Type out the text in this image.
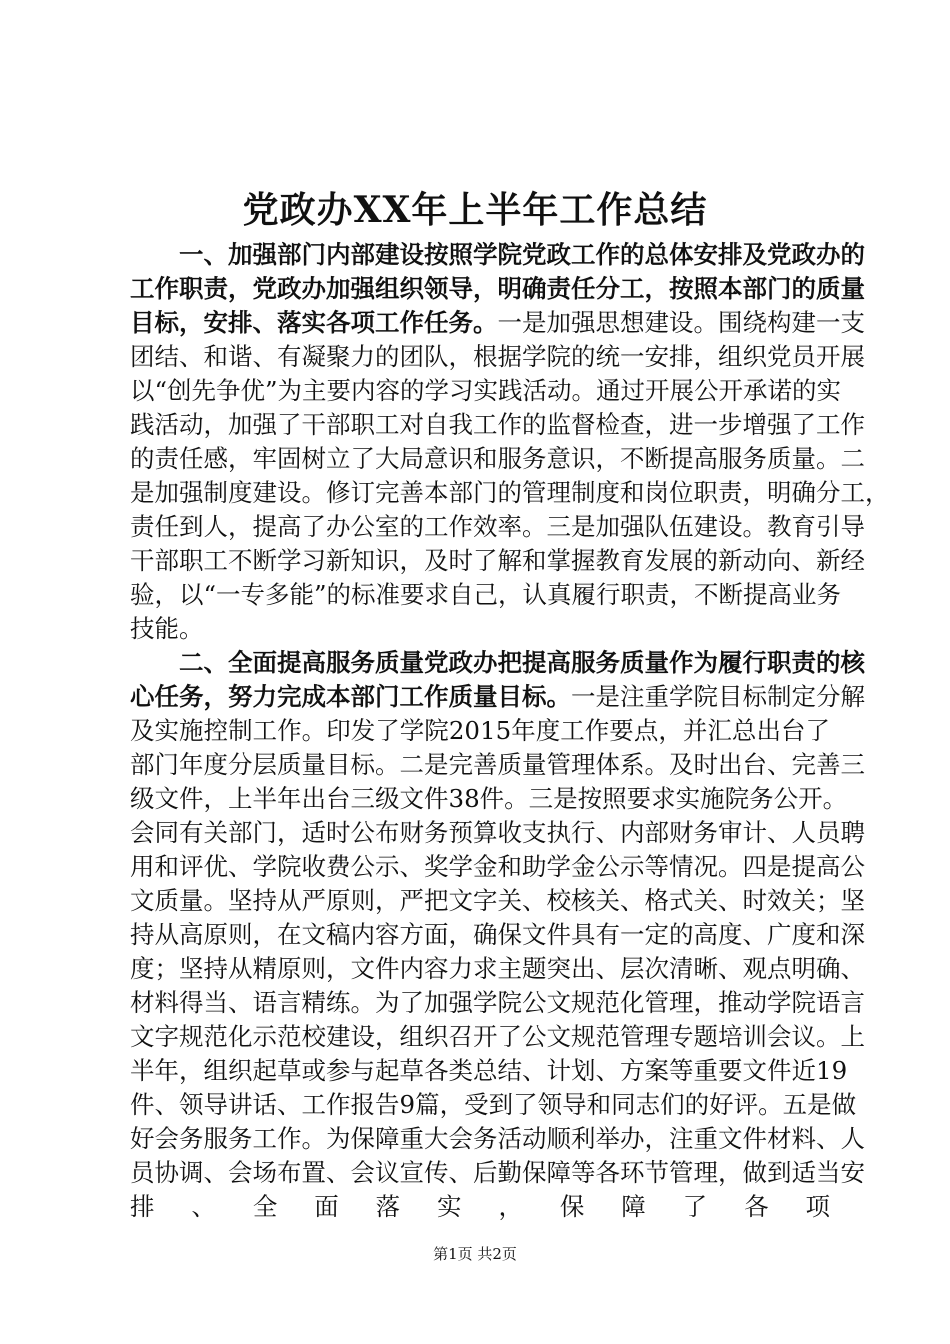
党政办XX年上半年工作总结
　　一、加强部门内部建设按照学院党政工作的总体安排及党政办的
工作职责，党政办加强组织领导，明确责任分工，按照本部门的质量
目标，安排、落实各项工作任务。一是加强思想建设。围绕构建一支
团结、和谐、有凝聚力的团队，根据学院的统一安排，组织党员开展
以“创先争优”为主要内容的学习实践活动。通过开展公开承诺的实
践活动，加强了干部职工对自我工作的监督检查，进一步增强了工作
的责任感，牢固树立了大局意识和服务意识，不断提高服务质量。二
是加强制度建设。修订完善本部门的管理制度和岗位职责，明确分工，
责任到人，提高了办公室的工作效率。三是加强队伍建设。教育引导
干部职工不断学习新知识，及时了解和掌握教育发展的新动向、新经
验，以“一专多能”的标准要求自己，认真履行职责，不断提高业务
技能。
　　二、全面提高服务质量党政办把提高服务质量作为履行职责的核
心任务，努力完成本部门工作质量目标。一是注重学院目标制定分解
及实施控制工作。印发了学院2015年度工作要点，并汇总出台了
部门年度分层质量目标。二是完善质量管理体系。及时出台、完善三
级文件，上半年出台三级文件38件。三是按照要求实施院务公开。
会同有关部门，适时公布财务预算收支执行、内部财务审计、人员聘
用和评优、学院收费公示、奖学金和助学金公示等情况。四是提高公
文质量。坚持从严原则，严把文字关、校核关、格式关、时效关；坚
持从高原则，在文稿内容方面，确保文件具有一定的高度、广度和深
度；坚持从精原则，文件内容力求主题突出、层次清晰、观点明确、
材料得当、语言精练。为了加强学院公文规范化管理，推动学院语言
文字规范化示范校建设，组织召开了公文规范管理专题培训会议。上
半年，组织起草或参与起草各类总结、计划、方案等重要文件近19
件、领导讲话、工作报告9篇，受到了领导和同志们的好评。五是做
好会务服务工作。为保障重大会务活动顺利举办，注重文件材料、人
员协调、会场布置、会议宣传、后勤保障等各环节管理，做到适当安
排、全面落实，保障了各项
第1页 共2页
